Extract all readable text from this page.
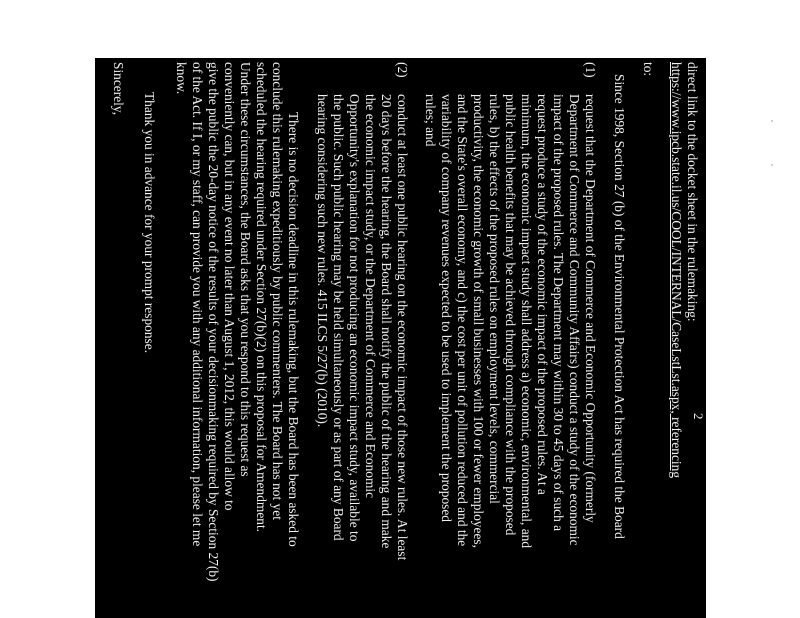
2
direct link to the docket sheet in the rulemaking:
https://www.ipcb.state.il.us/COOL/INTERNAL/CaseLstLst.aspx, referencing
to:
Since 1998, Section 27 (b) of the Environmental Protection Act has required the Board
(1)
request that the Department of Commerce and Economic Opportunity (formerly
Department of Commerce and Community Affairs) conduct a study of the economic
impact of the proposed rules. The Department may within 30 to 45 days of such a
request produce a study of the economic impact of the proposed rules. At a
minimum, the economic impact study shall address a) economic, environmental, and
public health benefits that may be achieved through compliance with the proposed
rules, b) the effects of the proposed rules on employment levels, commercial
productivity, the economic growth of small businesses with 100 or fewer employees,
and the State's overall economy, and c) the cost per unit of pollution reduced and the
variability of company revenues expected to be used to implement the proposed
rules; and
(2)
conduct at least one public hearing on the economic impact of those new rules. At least
20 days before the hearing, the Board shall notify the public of the hearing and make
the economic impact study, or the Department of Commerce and Economic
Opportunity's explanation for not producing an economic impact study, available to
the public. Such public hearing may be held simultaneously or as part of any Board
hearing considering such new rules. 415 ILCS 5/27(b) (2010).
There is no decision deadline in this rulemaking, but the Board has been asked to
conclude this rulemaking expeditiously by public commenters. The Board has not yet
scheduled the hearing required under Section 27(b)(2) on this proposal for Amendment.
Under these circumstances, the Board asks that you respond to this request as
conveniently can, but in any event no later than August 1, 2012, this would allow to
give the public the 20-day notice of the results of your decisionmaking required by Section 27(b)
of the Act. If I, or my staff, can provide you with any additional information, please let me
know.
Thank you in advance for your prompt response.
Sincerely,
